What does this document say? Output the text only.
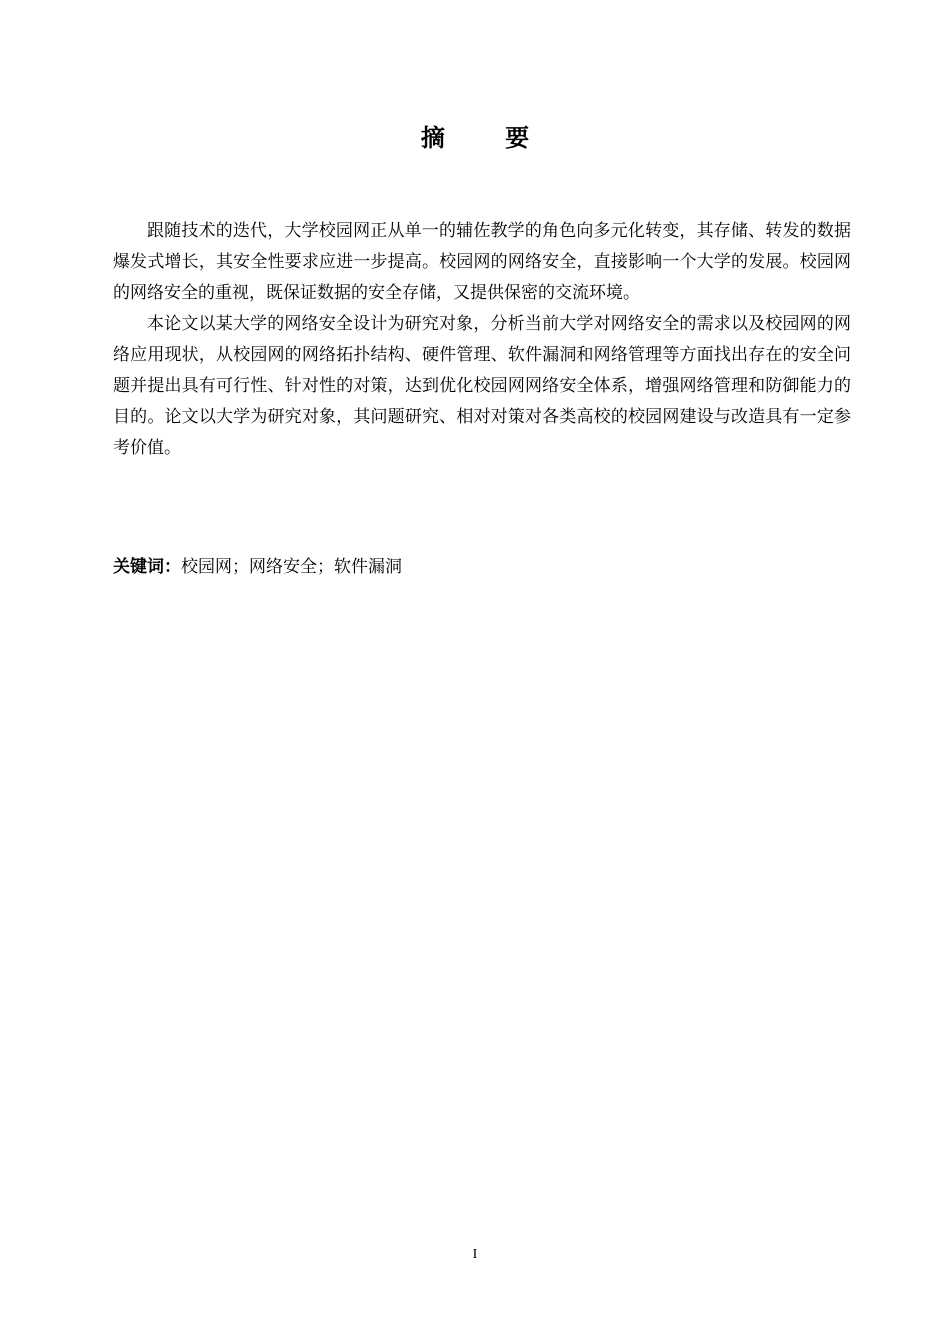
摘 要

跟随技术的迭代，大学校园网正从单一的辅佐教学的角色向多元化转变，其存储、转发的数据爆发式增长，其安全性要求应进一步提高。校园网的网络安全，直接影响一个大学的发展。校园网的网络安全的重视，既保证数据的安全存储，又提供保密的交流环境。

本论文以某大学的网络安全设计为研究对象，分析当前大学对网络安全的需求以及校园网的网络应用现状，从校园网的网络拓扑结构、硬件管理、软件漏洞和网络管理等方面找出存在的安全问题并提出具有可行性、针对性的对策，达到优化校园网网络安全体系，增强网络管理和防御能力的目的。论文以大学为研究对象，其问题研究、相对对策对各类高校的校园网建设与改造具有一定参考价值。

关键词：校园网；网络安全；软件漏洞
I
